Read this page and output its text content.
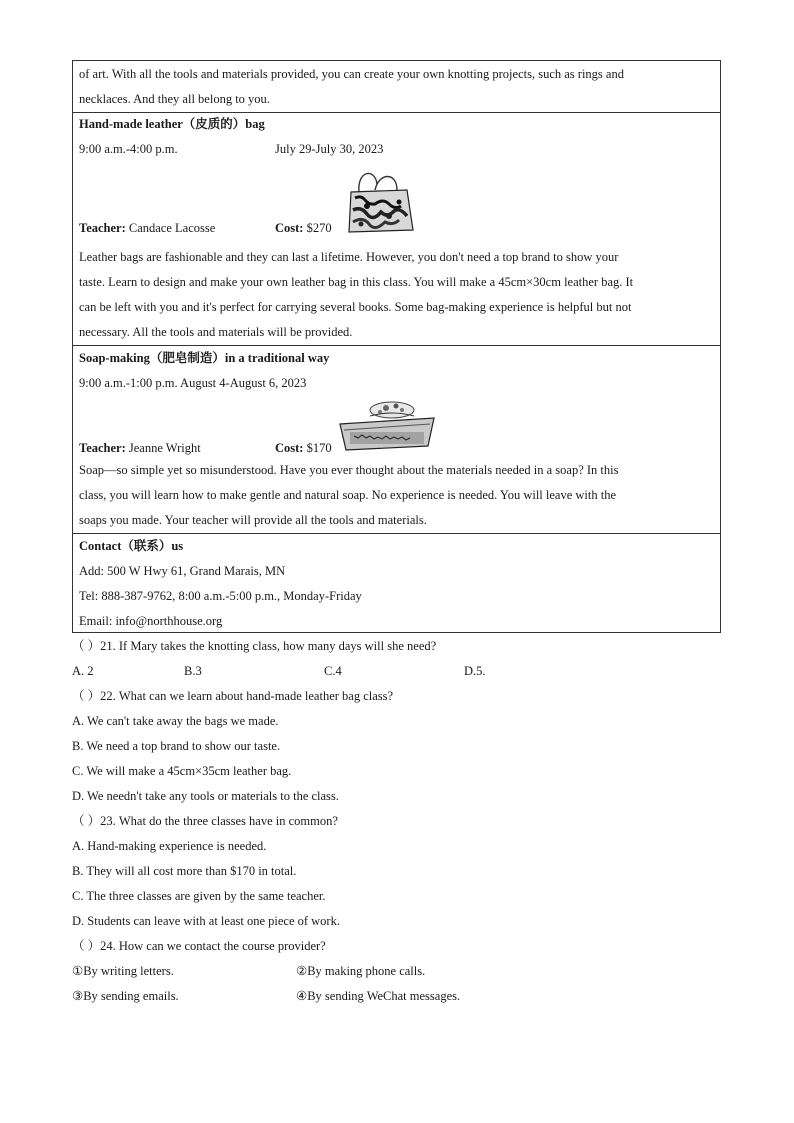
of art. With all the tools and materials provided, you can create your own knotting projects, such as rings and
necklaces. And they all belong to you.
Hand-made leather（皮质的）bag
9:00 a.m.-4:00 p.m.	July 29-July 30, 2023
Teacher: Candace Lacosse	Cost: $270
Leather bags are fashionable and they can last a lifetime. However, you don't need a top brand to show your
taste. Learn to design and make your own leather bag in this class. You will make a 45cm×30cm leather bag. It
can be left with you and it's perfect for carrying several books. Some bag-making experience is helpful but not
necessary. All the tools and materials will be provided.
Soap-making（肥皂制造）in a traditional way
9:00 a.m.-1:00 p.m. August 4-August 6, 2023
Teacher: Jeanne Wright	Cost: $170
Soap—so simple yet so misunderstood. Have you ever thought about the materials needed in a soap? In this
class, you will learn how to make gentle and natural soap. No experience is needed. You will leave with the
soaps you made. Your teacher will provide all the tools and materials.
Contact（联系）us
Add: 500 W Hwy 61, Grand Marais, MN
Tel: 888-387-9762, 8:00 a.m.-5:00 p.m., Monday-Friday
Email: info@northhouse.org
（ ）21. If Mary takes the knotting class, how many days will she need?
A. 2	B.3	C.4	D.5.
（ ）22. What can we learn about hand-made leather bag class?
A. We can't take away the bags we made.
B. We need a top brand to show our taste.
C. We will make a 45cm×35cm leather bag.
D. We needn't take any tools or materials to the class.
（ ）23. What do the three classes have in common?
A. Hand-making experience is needed.
B. They will all cost more than $170 in total.
C. The three classes are given by the same teacher.
D. Students can leave with at least one piece of work.
（ ）24. How can we contact the course provider?
①By writing letters.	②By making phone calls.
③By sending emails.	④By sending WeChat messages.
